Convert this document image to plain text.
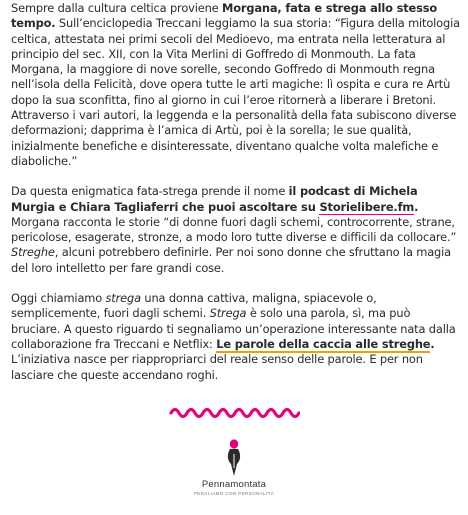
Sempre dalla cultura celtica proviene Morgana, fata e strega allo stesso tempo. Sull’enciclopedia Treccani leggiamo la sua storia: “Figura della mitologia celtica, attestata nei primi secoli del Medioevo, ma entrata nella letteratura al principio del sec. XII, con la Vita Merlini di Goffredo di Monmouth. La fata Morgana, la maggiore di nove sorelle, secondo Goffredo di Monmouth regna nell’isola della Felicità, dove opera tutte le arti magiche: lì ospita e cura re Artù dopo la sua sconfitta, fino al giorno in cui l’eroe ritornerà a liberare i Bretoni. Attraverso i vari autori, la leggenda e la personalità della fata subiscono diverse deformazioni; dapprima è l’amica di Artù, poi è la sorella; le sue qualità, inizialmente benefiche e disinteressate, diventano qualche volta malefiche e diaboliche.”

Da questa enigmatica fata-strega prende il nome il podcast di Michela Murgia e Chiara Tagliaferri che puoi ascoltare su Storielibere.fm. Morgana racconta le storie “di donne fuori dagli schemi, controcorrente, strane, pericolose, esagerate, stronze, a modo loro tutte diverse e difficili da collocare.” Streghe, alcuni potrebbero definirle. Per noi sono donne che sfruttano la magia del loro intelletto per fare grandi cose.

Oggi chiamiamo strega una donna cattiva, maligna, spiacevole o, semplicemente, fuori dagli schemi. Strega è solo una parola, sì, ma può bruciare. A questo riguardo ti segnaliamo un’operazione interessante nata dalla collaborazione fra Treccani e Netflix: Le parole della caccia alle streghe. L’iniziativa nasce per riappropriarci del reale senso delle parole. E per non lasciare che queste accendano roghi.

Pennamontata
PEDALIAMO CON PERSONALITÀ
